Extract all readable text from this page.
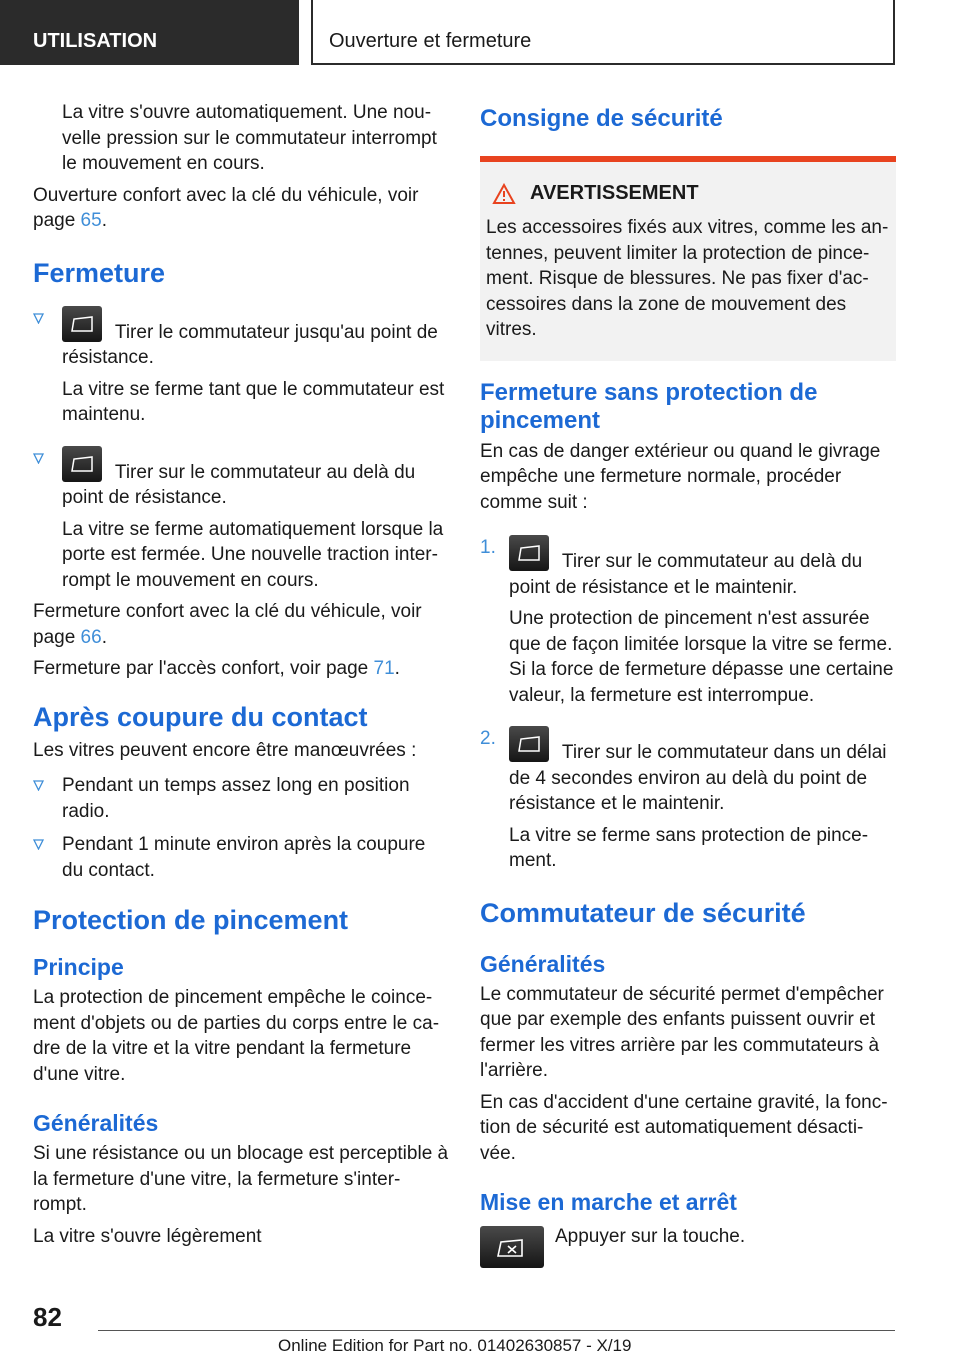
UTILISATION	Ouverture et fermeture

La vitre s'ouvre automatiquement. Une nou‐ velle pression sur le commutateur interrompt le mouvement en cours.

Ouverture confort avec la clé du véhicule, voir page 65.

Fermeture
Tirer le commutateur jusqu'au point de résistance.

La vitre se ferme tant que le commutateur est maintenu.

Tirer sur le commutateur au delà du point de résistance.

La vitre se ferme automatiquement lorsque la porte est fermée. Une nouvelle traction inter‐ rompt le mouvement en cours.

Fermeture confort avec la clé du véhicule, voir page 66.

Fermeture par l'accès confort, voir page 71.

Après coupure du contact

Les vitres peuvent encore être manœuvrées :

Pendant un temps assez long en position radio.
Pendant 1 minute environ après la coupure du contact.
Protection de pincement
Principe

La protection de pincement empêche le coince‐ ment d'objets ou de parties du corps entre le ca‐ dre de la vitre et la vitre pendant la fermeture d'une vitre.

Généralités

Si une résistance ou un blocage est perceptible à la fermeture d'une vitre, la fermeture s'inter‐ rompt.

La vitre s'ouvre légèrement

Consigne de sécurité
AVERTISSEMENT

Les accessoires fixés aux vitres, comme les an‐ tennes, peuvent limiter la protection de pince‐ ment. Risque de blessures. Ne pas fixer d'ac‐ cessoires dans la zone de mouvement des vitres.

Fermeture sans protection de pincement

En cas de danger extérieur ou quand le givrage empêche une fermeture normale, procéder comme suit :

1.
Tirer sur le commutateur au delà du point de résistance et le maintenir.

Une protection de pincement n'est assurée que de façon limitée lorsque la vitre se ferme. Si la force de fermeture dépasse une certaine valeur, la fermeture est interrompue.

2.
Tirer sur le commutateur dans un délai de 4 secondes environ au delà du point de résistance et le maintenir.

La vitre se ferme sans protection de pince‐ ment.

Commutateur de sécurité
Généralités

Le commutateur de sécurité permet d'empêcher que par exemple des enfants puissent ouvrir et fermer les vitres arrière par les commutateurs à l'arrière.

En cas d'accident d'une certaine gravité, la fonc‐ tion de sécurité est automatiquement désacti‐ vée.

Mise en marche et arrêt

Appuyer sur la touche.

82
Online Edition for Part no. 01402630857 - X/19
